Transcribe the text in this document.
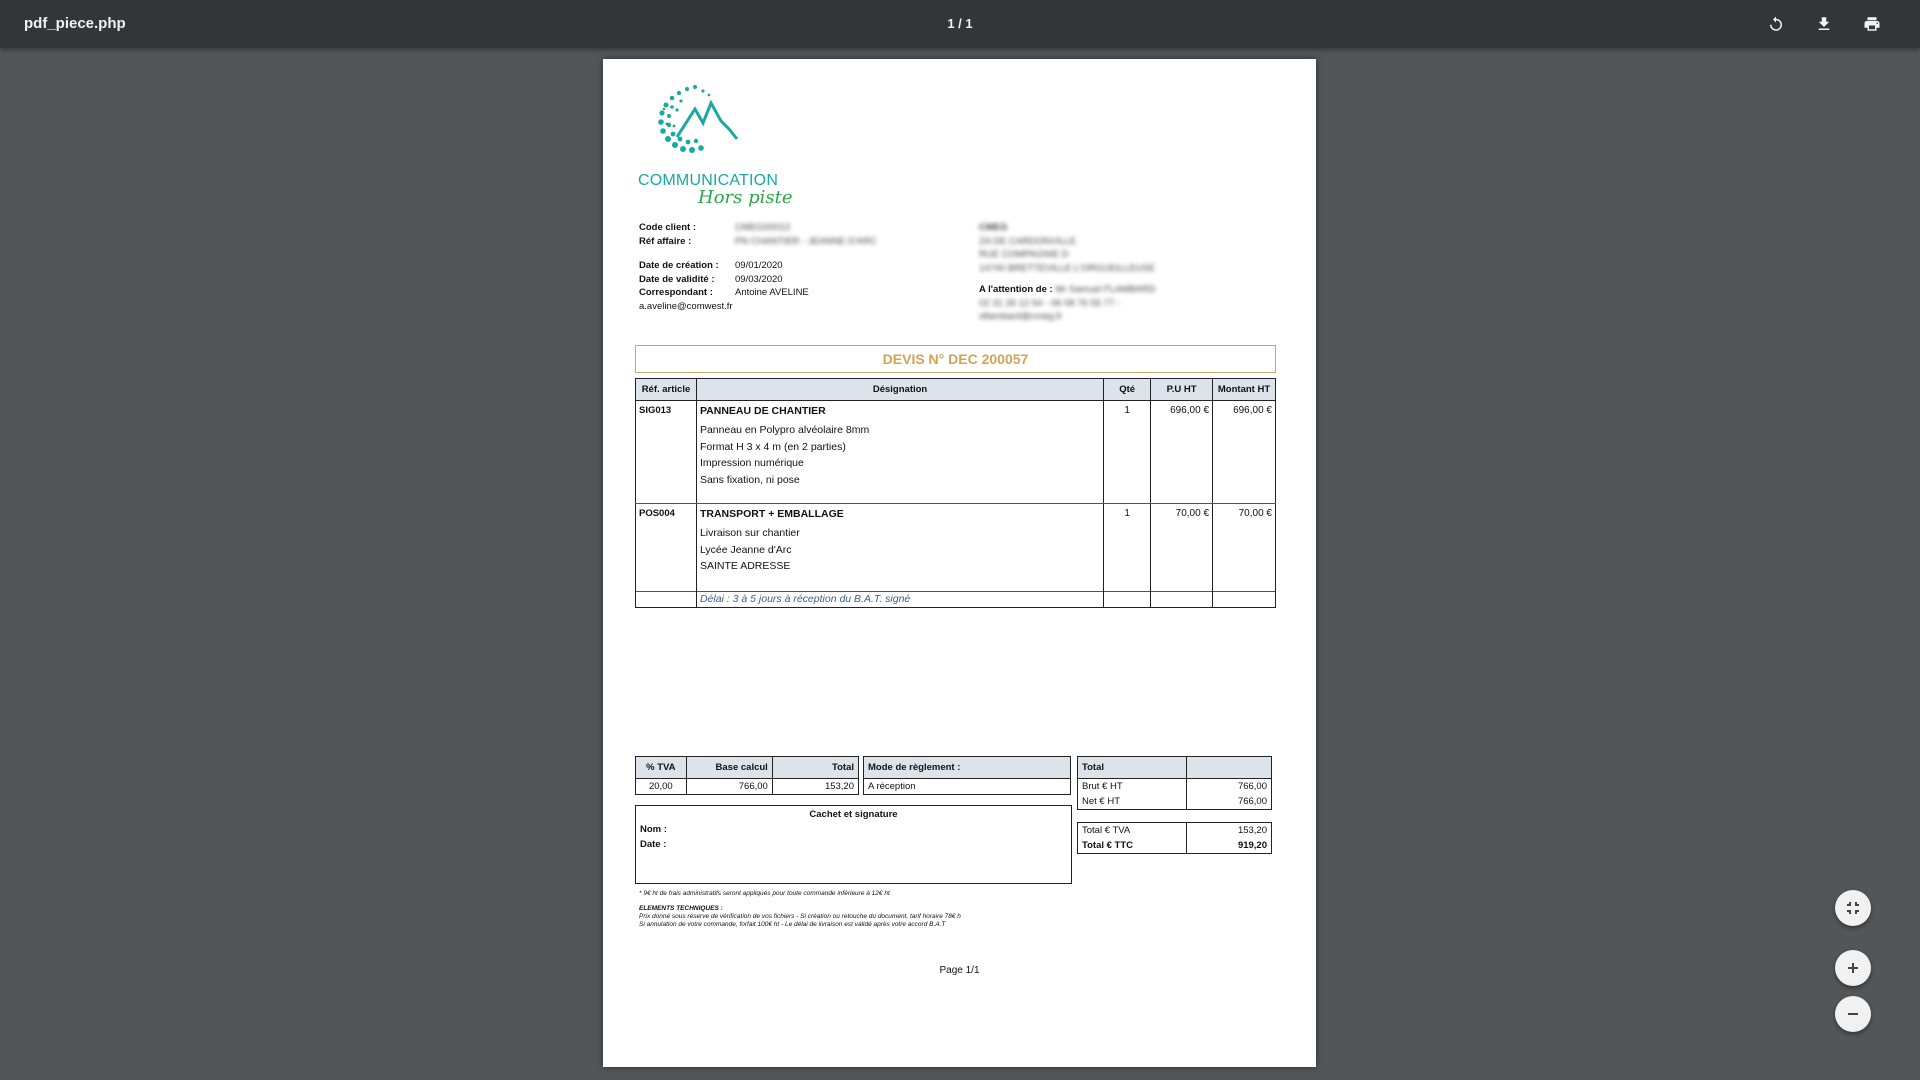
pdf_piece.php	1 / 1
COMMUNICATION
Hors piste
Code client :	CMEG00013
Réf affaire :	PN CHANTIER - JEANNE D'ARC
Date de création : 09/01/2020
Date de validité : 09/03/2020
Correspondant : Antoine AVELINE
a.aveline@comwest.fr
CMEG
ZA DE CARDONVILLE
RUE COMPAGNIE D
14740 BRETTEVILLE L'ORGUEILLEUSE
A l'attention de : Mr Samuel FLAMBARD
02 31 26 12 54 - 06 08 76 55 77 -
sflambard@cmeg.fr
DEVIS N° DEC 200057
Réf. article	Désignation	Qté	P.U HT	Montant HT
SIG013	PANNEAU DE CHANTIER
Panneau en Polypro alvéolaire 8mm
Format H 3 x 4 m (en 2 parties)
Impression numérique
Sans fixation, ni pose	1	696,00 €	696,00 €
POS004	TRANSPORT + EMBALLAGE
Livraison sur chantier
Lycée Jeanne d'Arc
SAINTE ADRESSE	1	70,00 €	70,00 €
	Délai : 3 à 5 jours à réception du B.A.T. signé			
% TVA	Base calcul	Total
20,00	766,00	153,20
Mode de règlement :
A réception
Total	
Brut € HT	766,00
Net € HT	766,00
Total € TVA	153,20
Total € TTC	919,20
Cachet et signature
Nom :
Date :
* 9€ ht de frais administratifs seront appliqués pour toute commande inférieure à 12€ ht
ELEMENTS TECHNIQUES :
Prix donné sous réserve de vérification de vos fichiers - Si création ou retouche du document, tarif horaire 78€ h
Si annulation de votre commande, forfait 100€ ht - Le délai de livraison est validé après votre accord B.A.T
Page 1/1
